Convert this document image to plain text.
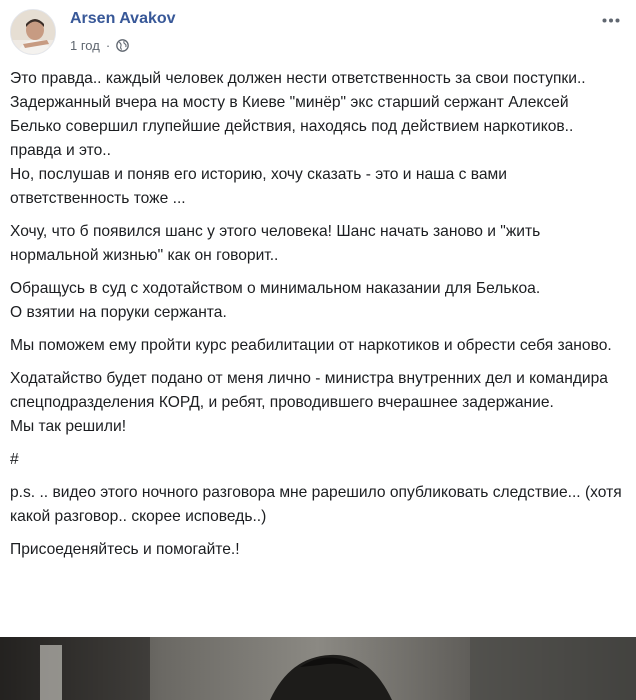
Arsen Avakov
1 год ·

Это правда.. каждый человек должен нести ответственность за свои поступки..
Задержанный вчера на мосту в Киеве "минёр" экс старший сержант Алексей Белько совершил глупейшие действия, находясь под действием наркотиков.. правда и это..
Но, послушав и поняв его историю, хочу сказать - это и наша с вами ответственность тоже ...

Хочу, что б появился шанс у этого человека! Шанс начать заново и "жить нормальной жизнью" как он говорит..

Обращусь в суд с ходотайством о минимальном наказании для Белькоа.
О взятии на поруки сержанта.

Мы поможем ему пройти курс реабилитации от наркотиков и обрести себя заново.

Ходатайство будет подано от меня лично - министра внутренних дел и командира спецподразделения КОРД, и ребят, проводившего вчерашнее задержание.
Мы так решили!

#

p.s. .. видео этого ночного разговора мне рарешило опубликовать следствие... (хотя какой разговор.. скорее исповедь..)

Присоеденяйтесь и помогайте.!
